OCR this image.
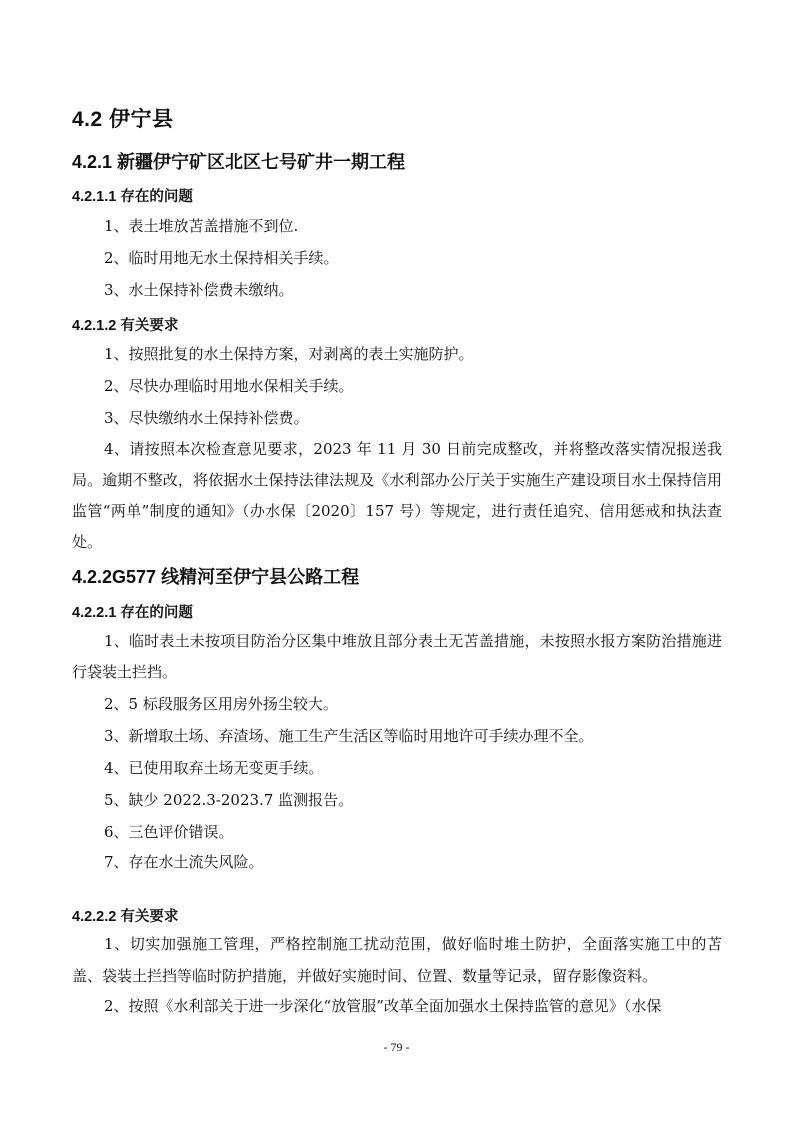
4.2 伊宁县
4.2.1 新疆伊宁矿区北区七号矿井一期工程
4.2.1.1 存在的问题
1、表土堆放苫盖措施不到位.
2、临时用地无水土保持相关手续。
3、水土保持补偿费未缴纳。
4.2.1.2 有关要求
1、按照批复的水土保持方案，对剥离的表土实施防护。
2、尽快办理临时用地水保相关手续。
3、尽快缴纳水土保持补偿费。
4、请按照本次检查意见要求，2023 年 11 月 30 日前完成整改，并将整改落实情况报送我局。逾期不整改，将依据水土保持法律法规及《水利部办公厅关于实施生产建设项目水土保持信用监管“两单”制度的通知》（办水保〔2020〕157 号）等规定，进行责任追究、信用惩戒和执法查处。
4.2.2G577 线精河至伊宁县公路工程
4.2.2.1 存在的问题
1、临时表土未按项目防治分区集中堆放且部分表土无苫盖措施，未按照水报方案防治措施进行袋装土拦挡。
2、5 标段服务区用房外扬尘较大。
3、新增取土场、弃渣场、施工生产生活区等临时用地许可手续办理不全。
4、已使用取弃土场无变更手续。
5、缺少 2022.3-2023.7 监测报告。
6、三色评价错误。
7、存在水土流失风险。
4.2.2.2 有关要求
1、切实加强施工管理，严格控制施工扰动范围，做好临时堆土防护，全面落实施工中的苫盖、袋装土拦挡等临时防护措施，并做好实施时间、位置、数量等记录，留存影像资料。
2、按照《水利部关于进一步深化“放管服”改革全面加强水土保持监管的意见》（水保
- 79 -
